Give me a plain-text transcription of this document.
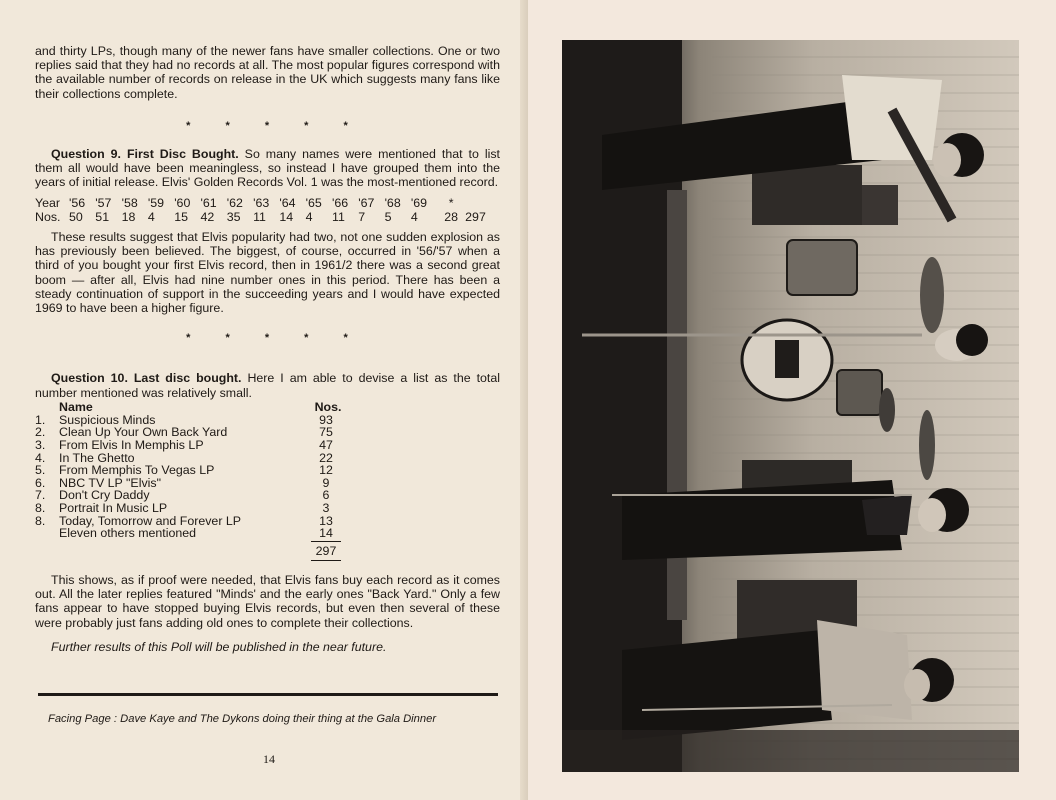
and thirty LPs, though many of the newer fans have smaller collections. One or two replies said that they had no records at all. The most popular figures correspond with the available number of records on release in the UK which suggests many fans like their collections complete.

* * * * *

Question 9. First Disc Bought. So many names were mentioned that to list them all would have been meaningless, so instead I have grouped them into the years of initial release. Elvis' Golden Records Vol. 1 was the most-mentioned record.

Year '56 '57 '58 '59 '60 '61 '62 '63 '64 '65 '66 '67 '68 '69	*
Nos. 50	51	18	4	15	42	35	11	14	4	11	7	5	4	28 297

These results suggest that Elvis popularity had two, not one sudden explosion as has previously been believed. The biggest, of course, occurred in '56/'57 when a third of you bought your first Elvis record, then in 1961/2 there was a second great boom — after all, Elvis had nine number ones in this period. There has been a steady continuation of support in the succeeding years and I would have expected 1969 to have been a higher figure.

* * * * *

Question 10. Last disc bought. Here I am able to devise a list as the total number mentioned was relatively small.

Name	Nos.
1.	Suspicious Minds	93
2.	Clean Up Your Own Back Yard	75
3.	From Elvis In Memphis LP	47
4.	In The Ghetto	22
5.	From Memphis To Vegas LP	12
6.	NBC TV LP "Elvis"	9
7.	Don't Cry Daddy	6
8.	Portrait In Music LP	3
8.	Today, Tomorrow and Forever LP	13
Eleven others mentioned	14
297

This shows, as if proof were needed, that Elvis fans buy each record as it comes out. All the later replies featured "Minds' and the early ones "Back Yard." Only a few fans appear to have stopped buying Elvis records, but even then several of these were probably just fans adding old ones to complete their collections.

Further results of this Poll will be published in the near future.

Facing Page : Dave Kaye and The Dykons doing their thing at the Gala Dinner
14
